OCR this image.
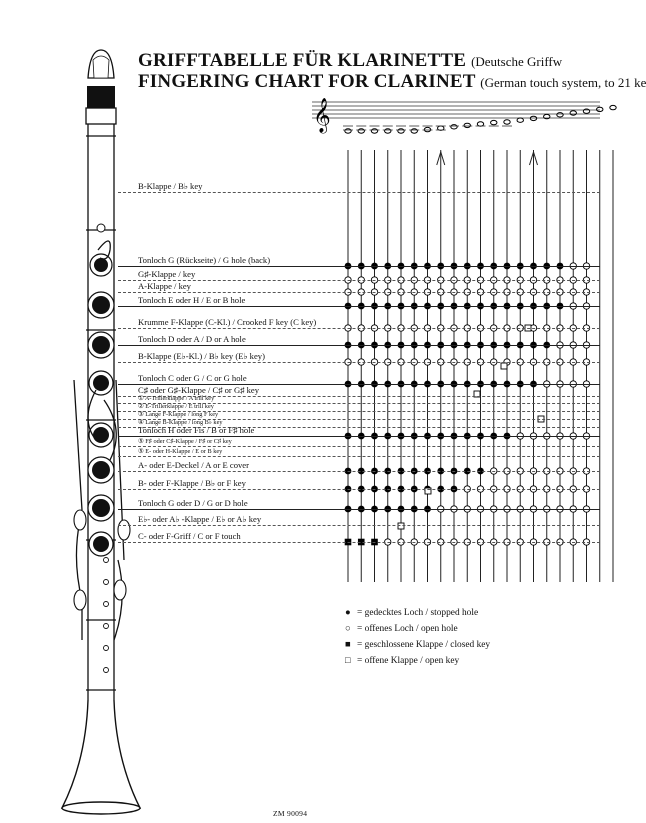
𝄞
GRIFFTABELLE FÜR KLARINETTE (Deutsche Griffw
FINGERING CHART FOR CLARINET (German touch system, to 21 ke
B-Klappe / B♭ key
Tonloch G (Rückseite) / G hole (back)
G♯-Klappe / key
A-Klappe / key
Tonloch E oder H / E or B hole
Krumme F-Klappe (C-Kl.) / Crooked F key (C key)
Tonloch D oder A / D or A hole
B-Klappe (E♭-Kl.) / B♭ key (E♭ key)
Tonloch C oder G / C or G hole
C♯ oder G♯-Klappe / C♯ or G♯ key
① A-Trillerklappe / A trill key
② E-Trillerklappe / E trill key
③ Lange F-Klappe / long F key
④ Lange B-Klappe / long B♭ key
Tonloch H oder Fis / B or F♯ hole
⑤ F♯ oder C♯-Klappe / F♯ or C♯ key
⑤ E- oder H-Klappe / E or B key
A- oder E-Deckel / A or E cover
B- oder F-Klappe / B♭ or F key
Tonloch G oder D / G or D hole
E♭- oder A♭ -Klappe / E♭ or A♭ key
C- oder F-Griff / C or F touch
● = gedecktes Loch / stopped hole
○ = offenes Loch / open hole
■ = geschlossene Klappe / closed key
□ = offene Klappe / open key
ZM 90094
